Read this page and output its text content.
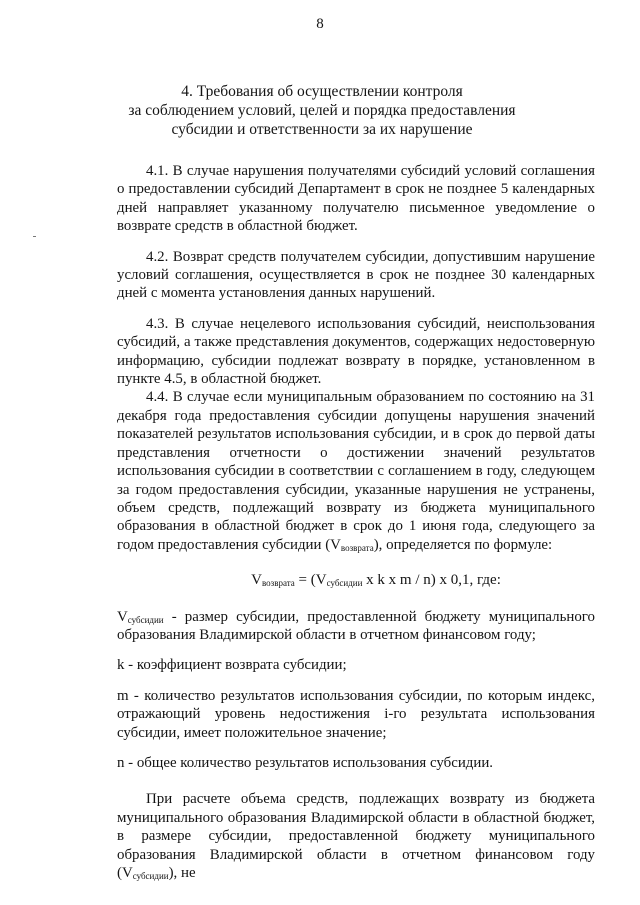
8
4. Требования об осуществлении контроля
за соблюдением условий, целей и порядка предоставления
субсидии и ответственности за их нарушение

4.1. В случае нарушения получателями субсидий условий соглашения о предоставлении субсидий Департамент в срок не позднее 5 календарных дней направляет указанному получателю письменное уведомление о возврате средств в областной бюджет.

4.2. Возврат средств получателем субсидии, допустившим нарушение условий соглашения, осуществляется в срок не позднее 30 календарных дней с момента установления данных нарушений.

4.3. В случае нецелевого использования субсидий, неиспользования субсидий, а также представления документов, содержащих недостоверную информацию, субсидии подлежат возврату в порядке, установленном в пункте 4.5, в областной бюджет.

4.4. В случае если муниципальным образованием по состоянию на 31 декабря года предоставления субсидии допущены нарушения значений показателей результатов использования субсидии, и в срок до первой даты представления отчетности о достижении значений результатов использования субсидии в соответствии с соглашением в году, следующем за годом предоставления субсидии, указанные нарушения не устранены, объем средств, подлежащий возврату из бюджета муниципального образования в областной бюджет в срок до 1 июня года, следующего за годом предоставления субсидии $(V_{возврата})$, определяется по формуле:

$V_{возврата} = (V_{субсидии}$ x k x m / n) x 0,1, где:

$V_{субсидии}$ - размер субсидии, предоставленной бюджету муниципального образования Владимирской области в отчетном финансовом году;

k - коэффициент возврата субсидии;

m - количество результатов использования субсидии, по которым индекс, отражающий уровень недостижения i-го результата использования субсидии, имеет положительное значение;

n - общее количество результатов использования субсидии.

При расчете объема средств, подлежащих возврату из бюджета муниципального образования Владимирской области в областной бюджет, в размере субсидии, предоставленной бюджету муниципального образования Владимирской области в отчетном финансовом году $(V_{субсидии})$, не
